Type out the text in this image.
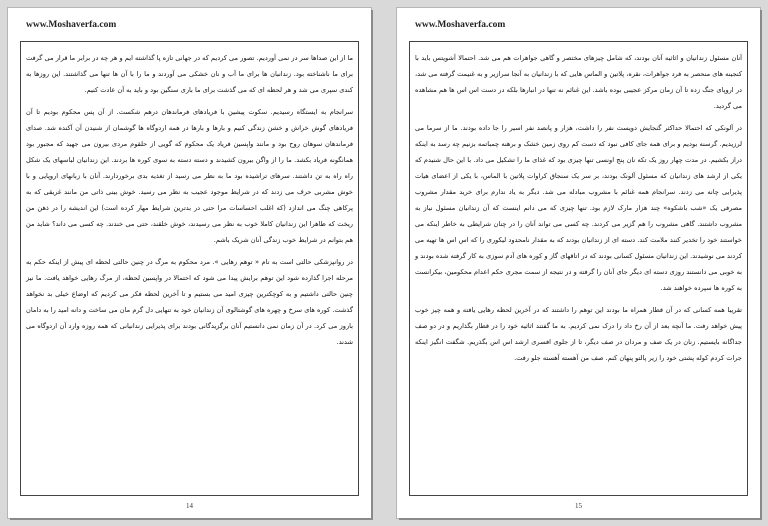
www.Moshaverfa.com

ما از این صداها سر در نمی آوردیم. تصور می کردیم که در جهانی تازه پا گذاشته ایم و هر چه در برابر ما قرار می گرفت برای ما ناشناخته بود. زندانبان ها برای ما آب و نان خشکی می آوردند و ما را با آن ها تنها می گذاشتند. این روزها به کندی سپری می شد و هر لحظه ای که می گذشت برای ما باری سنگین بود و باید به آن عادت کنیم.

سرانجام به ایستگاه رسیدیم. سکوت پیشین با فریادهای فرماندهان درهم شکست. از آن پس محکوم بودیم تا آن فریادهای گوش خراش و خشن زندگی کنیم و بارها و بارها در همه اردوگاه ها گوشمان از شنیدن آن آکنده شد. صدای فرماندهان سوهان روح بود و مانند واپسین فریاد یک محکوم که گویی از حلقوم مردی بیرون می جهید که مجبور بود همانگونه فریاد بکشد. ما را از واگن بیرون کشیدند و دسته دسته به سوی کوره ها بردند. این زندانیان لباسهای یک شکل راه راه به تن داشتند. سرهای تراشیده بود ما به نظر می رسید از تغذیه بدی برخوردارند. آنان با زبانهای اروپایی و با خوش مشربی حرف می زدند که در شرایط موجود عجیب به نظر می رسید. خوش بینی ذاتی من مانند غریقی که به پرکاهی چنگ می اندازد (که اغلب احساسات مرا حتی در بدترین شرایط مهار کرده است) این اندیشه را در ذهن من ریخت که ظاهرا این زندانیان کاملا خوب به نظر می رسیدند، خوش خلقند، حتی می خندند. چه کسی می داند؟ شاید من هم بتوانم در شرایط خوب زندگی آنان شریک باشم.

در روانپزشکی حالتی است به نام « توهم رهایی ». مرد محکوم به مرگ در چنین حالتی لحظه ای پیش از اینکه حکم به مرحله اجرا گذارده شود این توهم برایش پیدا می شود که احتمالا در واپسین لحظه، از مرگ رهایی خواهد یافت. ما نیز چنین حالتی داشتیم و به کوچکترین چیزی امید می بستیم و تا آخرین لحظه فکر می کردیم که اوضاع خیلی بد نخواهد گذشت. کوره های سرخ و چهره های گوشتالوی آن زندانیان خود به تنهایی دل گرم مان می ساخت و دانه امید را به دامان باروز می کرد. در آن زمان نمی دانستیم آنان برگزیدگانی بودند برای پذیرایی زندانیانی که همه روزه وارد آن اردوگاه می شدند.

14
www.Moshaverfa.com

آنان مسئول زندانیان و اثاثیه آنان بودند، که شامل چیزهای مختصر و گاهی جواهرات هم می شد. احتمالا آشویتس باید با کنجینه های منحصر به فرد جواهرات، نقره، پلاتین و الماس هایی که با زندانیان به آنجا سرازیر و به غنیمت گرفته می شد، در اروپای جنگ زده تا آن زمان مرکز عجیبی بوده باشد. این غنائم نه تنها در انبارها بلکه در دست اس اس ها هم مشاهده می گردید.

در آلونکی که احتمالا حداکثر گنجایش دویست نفر را داشت، هزار و پانصد نفر اسیر را جا داده بودند. ما از سرما می لرزیدیم. گرسنه بودیم و برای همه جای کافی نبود که دست کم روی زمین خشک و برهنه چمباتمه بزنیم چه رسد به اینکه دراز بکشیم. در مدت چهار روز یک تکه نان پنج اونسی تنها چیزی بود که غذای ما را تشکیل می داد. با این حال شنیدم که یکی از ارشد های زندانیان که مسئول آلونک بودند، بر سر یک سنجاق کراوات پلاتین با الماس، با یکی از اعضای هیات پذیرایی چانه می زدند. سرانجام همه غنائم با مشروب مبادله می شد. دیگر به یاد ندارم برای خرید مقدار مشروب مصرفی یک «شب باشکوه» چند هزار مارک لازم بود. تنها چیزی که می دانم اینست که آن زندانیان مسئول نیاز به مشروب داشتند. گاهی مشروب را هم گزیر می کردند. چه کسی می تواند آنان را در چنان شرایطی به خاطر اینکه می خواستند خود را تخدیر کنند ملامت کند. دسته ای از زندانیان بودند که به مقدار نامحدود لیکوری را که اس اس ها تهیه می کردند می نوشیدند. این زندانیان مسئول کسانی بودند که در اتاقهای گاز و کوره های آدم سوزی به کار گرفته شده بودند و به خوبی می دانستند روزی دسته ای دیگر جای آنان را گرفته و در نتیجه از سمت مجری حکم اعدام محکومین، بیکرانست به کوره ها سپرده خواهند شد.

تقریبا همه کسانی که در آن قطار همراه ما بودند این توهم را داشتند که در آخرین لحظه رهایی یافته و همه چیز خوب پیش خواهد رفت. ما آنچه بعد از آن رخ داد را درک نمی کردیم. به ما گفتند اثاثیه خود را در قطار بگذاریم و در دو صف جداگانه بایستیم. زنان در یک صف و مردان در صف دیگر، تا از جلوی افسری ارشد اس اس بگذریم. شگفت انگیز اینکه جرات کردم کوله پشتی خود را زیر پالتو پنهان کنم. صف من آهسته آهسته جلو رفت.

15
